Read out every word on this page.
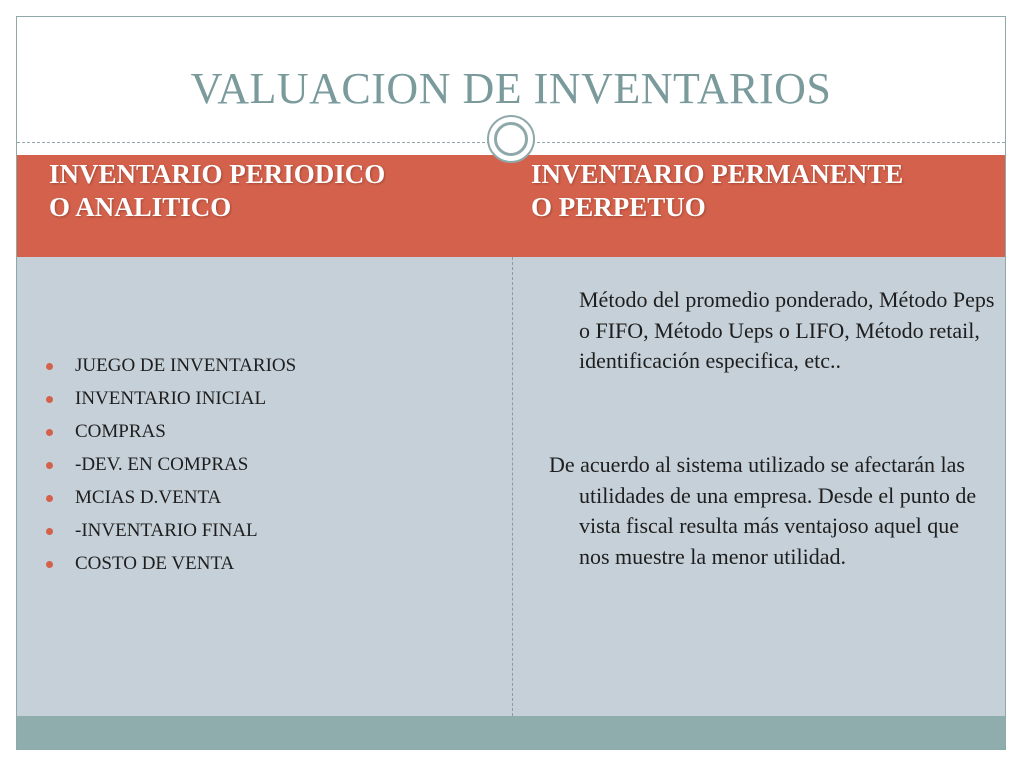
VALUACION DE INVENTARIOS
INVENTARIO PERIODICO
O ANALITICO
INVENTARIO PERMANENTE
O PERPETUO
JUEGO DE INVENTARIOS
INVENTARIO INICIAL
COMPRAS
-DEV. EN COMPRAS
MCIAS D.VENTA
-INVENTARIO FINAL
COSTO DE VENTA

Método del promedio ponderado, Método Peps o FIFO, Método Ueps o LIFO, Método retail, identificación especifica, etc..

De acuerdo al sistema utilizado se afectarán las utilidades de una empresa. Desde el punto de vista fiscal resulta más ventajoso aquel que nos muestre la menor utilidad.
